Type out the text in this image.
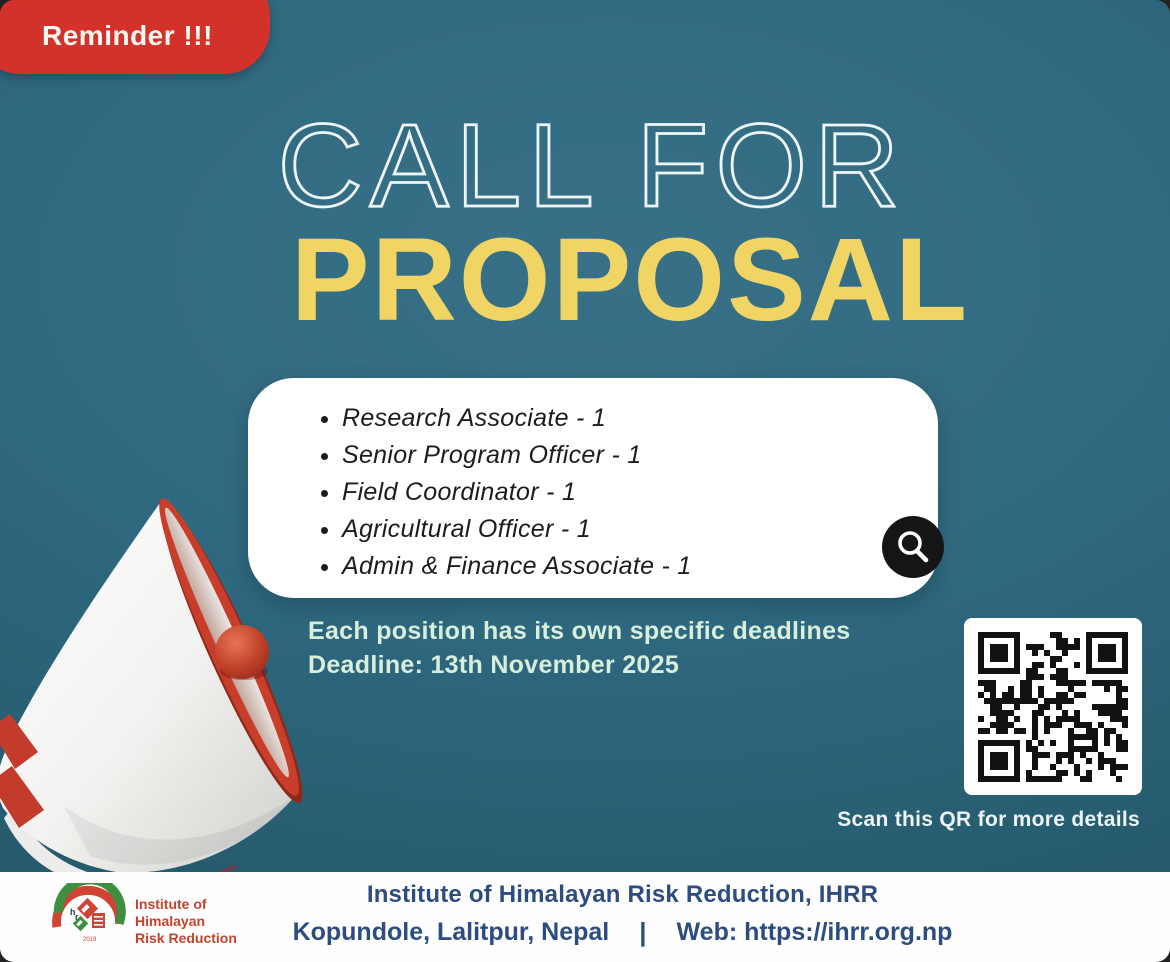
Reminder !!!
CALL FOR
PROPOSAL
• Research Associate - 1
• Senior Program Officer - 1
• Field Coordinator - 1
• Agricultural Officer - 1
• Admin & Finance Associate - 1
Each position has its own specific deadlines
Deadline: 13th November 2025
Scan this QR for more details
h r
2019
Institute of
Himalayan
Risk Reduction
Institute of Himalayan Risk Reduction, IHRR
Kopundole, Lalitpur, Nepal | Web: https://ihrr.org.np
